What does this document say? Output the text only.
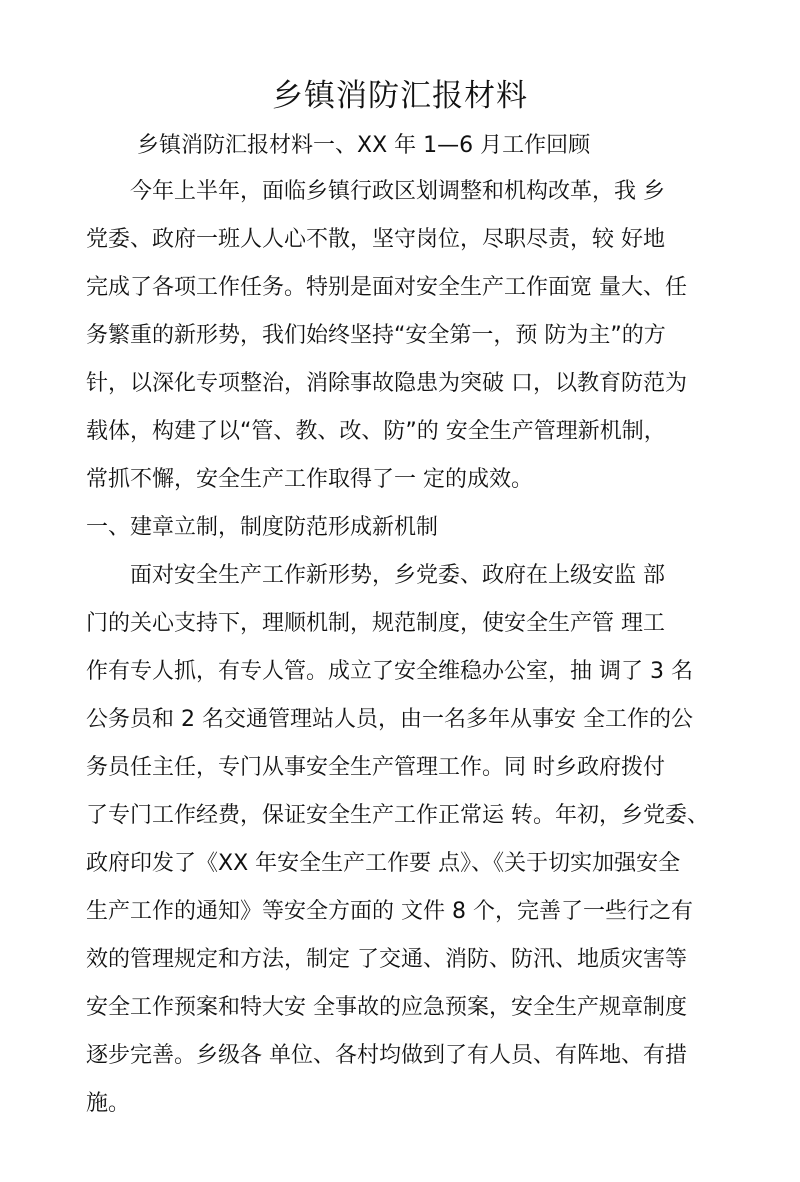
乡镇消防汇报材料
乡镇消防汇报材料一、XX 年 1—6 月工作回顾
今年上半年，面临乡镇行政区划调整和机构改革，我 乡
党委、政府一班人人心不散，坚守岗位，尽职尽责，较 好地
完成了各项工作任务。特别是面对安全生产工作面宽 量大、任
务繁重的新形势，我们始终坚持“安全第一，预 防为主”的方
针，以深化专项整治，消除事故隐患为突破 口，以教育防范为
载体，构建了以“管、教、改、防”的 安全生产管理新机制，
常抓不懈，安全生产工作取得了一 定的成效。
一、建章立制，制度防范形成新机制
面对安全生产工作新形势，乡党委、政府在上级安监 部
门的关心支持下，理顺机制，规范制度，使安全生产管 理工
作有专人抓，有专人管。成立了安全维稳办公室，抽 调了 3 名
公务员和 2 名交通管理站人员，由一名多年从事安 全工作的公
务员任主任，专门从事安全生产管理工作。同 时乡政府拨付
了专门工作经费，保证安全生产工作正常运 转。年初，乡党委、
政府印发了《XX 年安全生产工作要 点》、《关于切实加强安全
生产工作的通知》等安全方面的 文件 8 个，完善了一些行之有
效的管理规定和方法，制定 了交通、消防、防汛、地质灾害等
安全工作预案和特大安 全事故的应急预案，安全生产规章制度
逐步完善。乡级各 单位、各村均做到了有人员、有阵地、有措
施。
